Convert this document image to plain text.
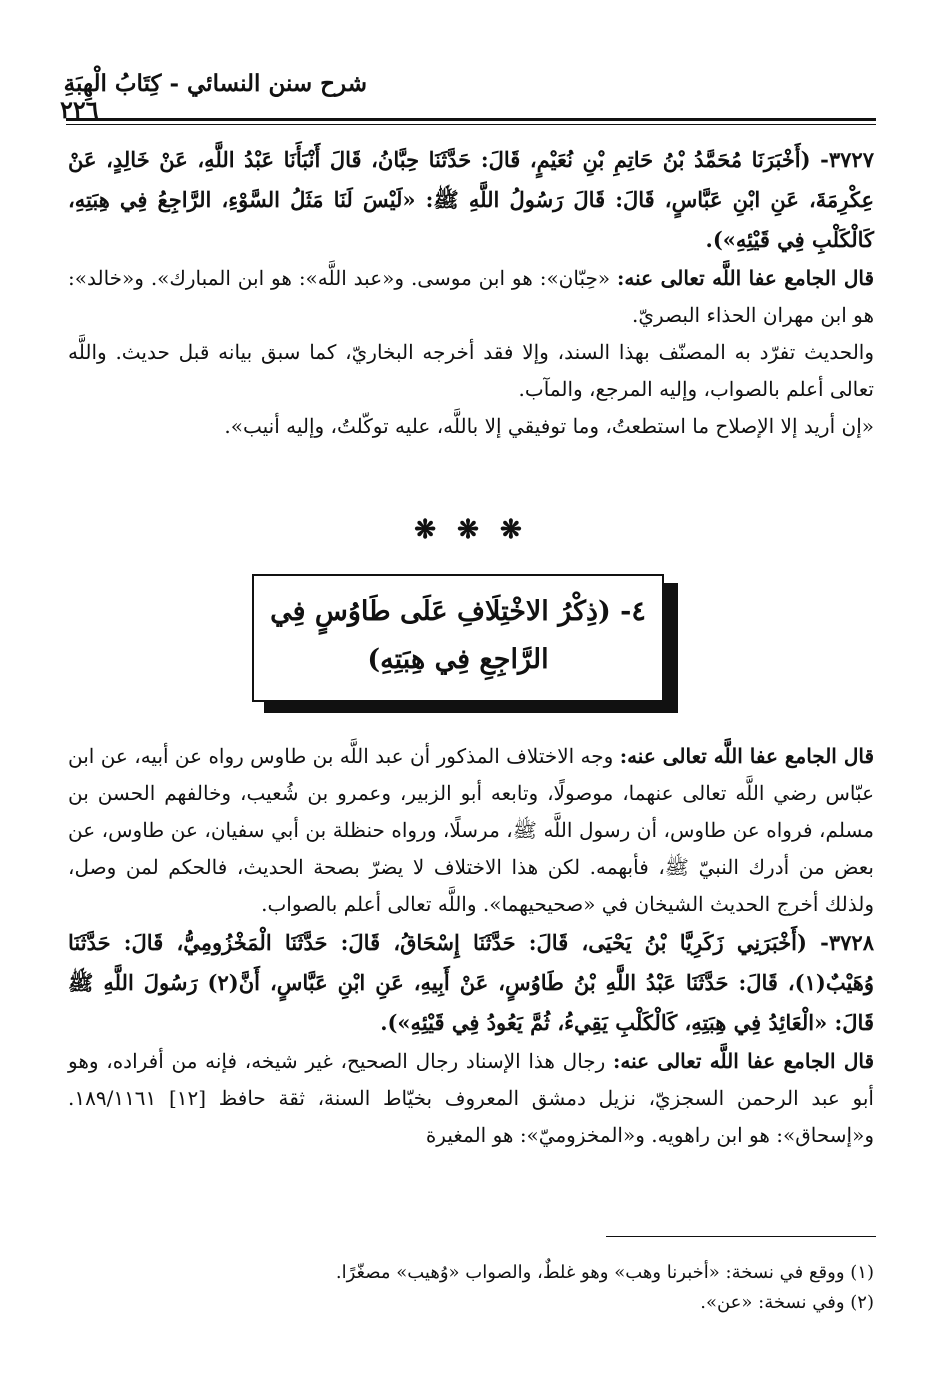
شرح سنن النسائي - كِتَابُ الْهِبَةِ
٢٢٦

٣٧٢٧- (أَخْبَرَنَا مُحَمَّدُ بْنُ حَاتِمِ بْنِ نُعَيْمٍ، قَالَ: حَدَّثَنَا حِبَّانُ، قَالَ أَنْبَأَنَا عَبْدُ اللَّهِ، عَنْ خَالِدٍ، عَنْ عِكْرِمَةَ، عَنِ ابْنِ عَبَّاسٍ، قَالَ: قَالَ رَسُولُ اللَّهِ ﷺ: «لَيْسَ لَنَا مَثَلُ السَّوْءِ، الرَّاجِعُ فِي هِبَتِهِ، كَالْكَلْبِ فِي قَيْئِهِ»).

قال الجامع عفا اللَّه تعالى عنه: «حِبّان»: هو ابن موسى. و«عبد اللَّه»: هو ابن المبارك». و«خالد»: هو ابن مهران الحذاء البصريّ.

والحديث تفرّد به المصنّف بهذا السند، وإلا فقد أخرجه البخاريّ، كما سبق بيانه قبل حديث. واللَّه تعالى أعلم بالصواب، وإليه المرجع، والمآب.

«إن أريد إلا الإصلاح ما استطعتُ، وما توفيقي إلا باللَّه، عليه توكّلتُ، وإليه أنيب».

❋ ❋ ❋
٤- (ذِكْرُ الاخْتِلَافِ عَلَى طَاوُسٍ فِي
الرَّاجِعِ فِي هِبَتِهِ)

قال الجامع عفا اللَّه تعالى عنه: وجه الاختلاف المذكور أن عبد اللَّه بن طاوس رواه عن أبيه، عن ابن عبّاس رضي اللَّه تعالى عنهما، موصولًا، وتابعه أبو الزبير، وعمرو بن شُعيب، وخالفهم الحسن بن مسلم، فرواه عن طاوس، أن رسول اللَّه ﷺ، مرسلًا، ورواه حنظلة بن أبي سفيان، عن طاوس، عن بعض من أدرك النبيّ ﷺ، فأبهمه. لكن هذا الاختلاف لا يضرّ بصحة الحديث، فالحكم لمن وصل، ولذلك أخرج الحديث الشيخان في «صحيحيهما». واللَّه تعالى أعلم بالصواب.

٣٧٢٨- (أَخْبَرَنِي زَكَرِيَّا بْنُ يَحْيَى، قَالَ: حَدَّثَنَا إِسْحَاقُ، قَالَ: حَدَّثَنَا الْمَخْزُومِيُّ، قَالَ: حَدَّثَنَا وُهَيْبٌ(١)، قَالَ: حَدَّثَنَا عَبْدُ اللَّهِ بْنُ طَاوُسٍ، عَنْ أَبِيهِ، عَنِ ابْنِ عَبَّاسٍ، أَنَّ(٢) رَسُولَ اللَّهِ ﷺ قَالَ: «الْعَائِدُ فِي هِبَتِهِ، كَالْكَلْبِ يَقِيءُ، ثُمَّ يَعُودُ فِي قَيْئِهِ»).

قال الجامع عفا اللَّه تعالى عنه: رجال هذا الإسناد رجال الصحيح، غير شيخه، فإنه من أفراده، وهو أبو عبد الرحمن السجزيّ، نزيل دمشق المعروف بخيّاط السنة، ثقة حافظ [١٢] ١٨٩/١١٦١. و«إسحاق»: هو ابن راهويه. و«المخزوميّ»: هو المغيرة

(١) ووقع في نسخة: «أخبرنا وهب» وهو غلطٌ، والصواب «وُهيب» مصغّرًا.

(٢) وفي نسخة: «عن».
